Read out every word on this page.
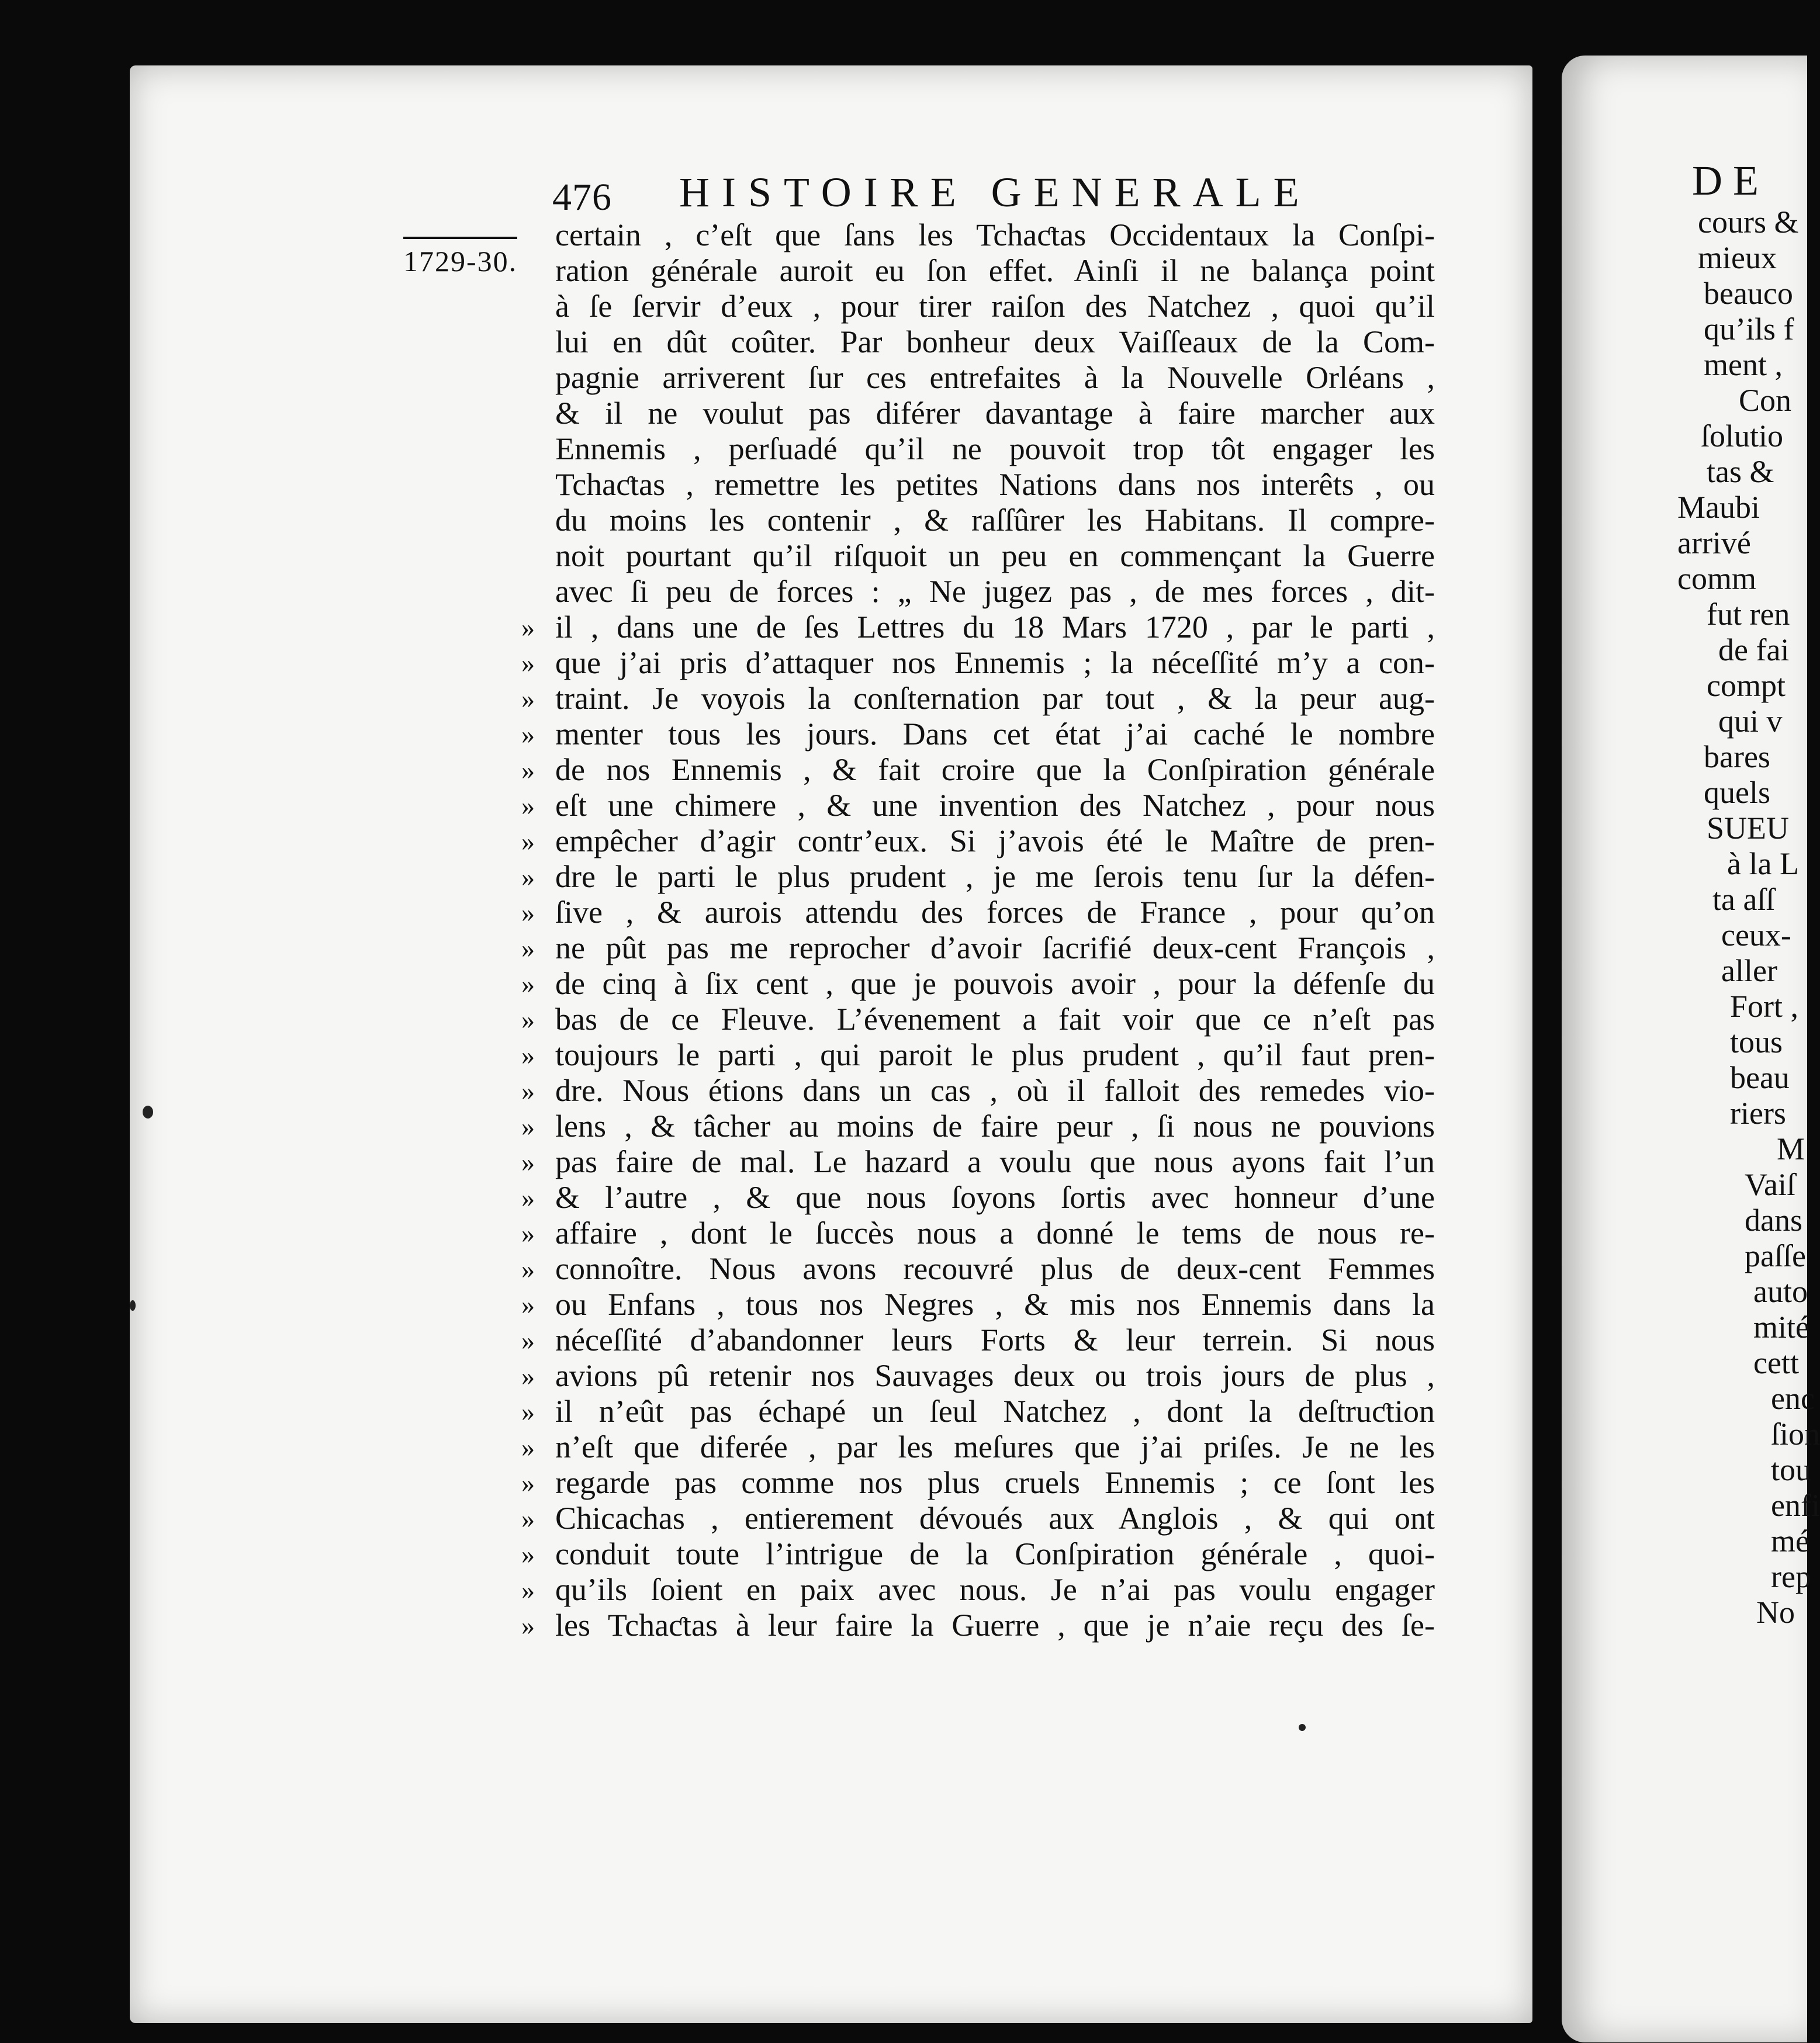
476 HISTOIRE GENERALE
1729-30.
certain , c’eſt que ſans les Tchaƈtas Occidentaux la Conſpi-
ration générale auroit eu ſon effet. Ainſi il ne balança point
à ſe ſervir d’eux , pour tirer raiſon des Natchez , quoi qu’il
lui en dût coûter. Par bonheur deux Vaiſſeaux de la Com-
pagnie arriverent ſur ces entrefaites à la Nouvelle Orléans ,
& il ne voulut pas diférer davantage à faire marcher aux
Ennemis , perſuadé qu’il ne pouvoit trop tôt engager les
Tchaƈtas , remettre les petites Nations dans nos interêts , ou
du moins les contenir , & raſſûrer les Habitans. Il compre-
noit pourtant qu’il riſquoit un peu en commençant la Guerre
avec ſi peu de forces : „ Ne jugez pas , de mes forces , dit-
» il , dans une de ſes Lettres du 18 Mars 1720 , par le parti ,
» que j’ai pris d’attaquer nos Ennemis ; la néceſſité m’y a con-
» traint. Je voyois la conſternation par tout , & la peur aug-
» menter tous les jours. Dans cet état j’ai caché le nombre
» de nos Ennemis , & fait croire que la Conſpiration générale
» eſt une chimere , & une invention des Natchez , pour nous
» empêcher d’agir contr’eux. Si j’avois été le Maître de pren-
» dre le parti le plus prudent , je me ſerois tenu ſur la défen-
» ſive , & aurois attendu des forces de France , pour qu’on
» ne pût pas me reprocher d’avoir ſacrifié deux-cent François ,
» de cinq à ſix cent , que je pouvois avoir , pour la défenſe du
» bas de ce Fleuve. L’évenement a fait voir que ce n’eſt pas
» toujours le parti , qui paroit le plus prudent , qu’il faut pren-
» dre. Nous étions dans un cas , où il falloit des remedes vio-
» lens , & tâcher au moins de faire peur , ſi nous ne pouvions
» pas faire de mal. Le hazard a voulu que nous ayons fait l’un
» & l’autre , & que nous ſoyons ſortis avec honneur d’une
» affaire , dont le ſuccès nous a donné le tems de nous re-
» connoître. Nous avons recouvré plus de deux-cent Femmes
» ou Enfans , tous nos Negres , & mis nos Ennemis dans la
» néceſſité d’abandonner leurs Forts & leur terrein. Si nous
» avions pû retenir nos Sauvages deux ou trois jours de plus ,
» il n’eût pas échapé un ſeul Natchez , dont la deſtruƈtion
» n’eſt que diferée , par les meſures que j’ai priſes. Je ne les
» regarde pas comme nos plus cruels Ennemis ; ce ſont les
» Chicachas , entierement dévoués aux Anglois , & qui ont
» conduit toute l’intrigue de la Conſpiration générale , quoi-
» qu’ils ſoient en paix avec nous. Je n’ai pas voulu engager
» les Tchaƈtas à leur faire la Guerre , que je n’aie reçu des ſe-
DE
cours &
mieux
beauco
qu’ils f
ment ,
Con
ſolutio
tas &
Maubi
arrivé
comm
fut ren
de fai
compt
qui v
bares
quels
SUEU
à la L
ta aſſ
ceux-
aller
Fort ,
tous
beau
riers
M
Vaiſ
dans
paſſe
auto
mité
cett
enc
ſion
tou
enfi
mé
rep
No
